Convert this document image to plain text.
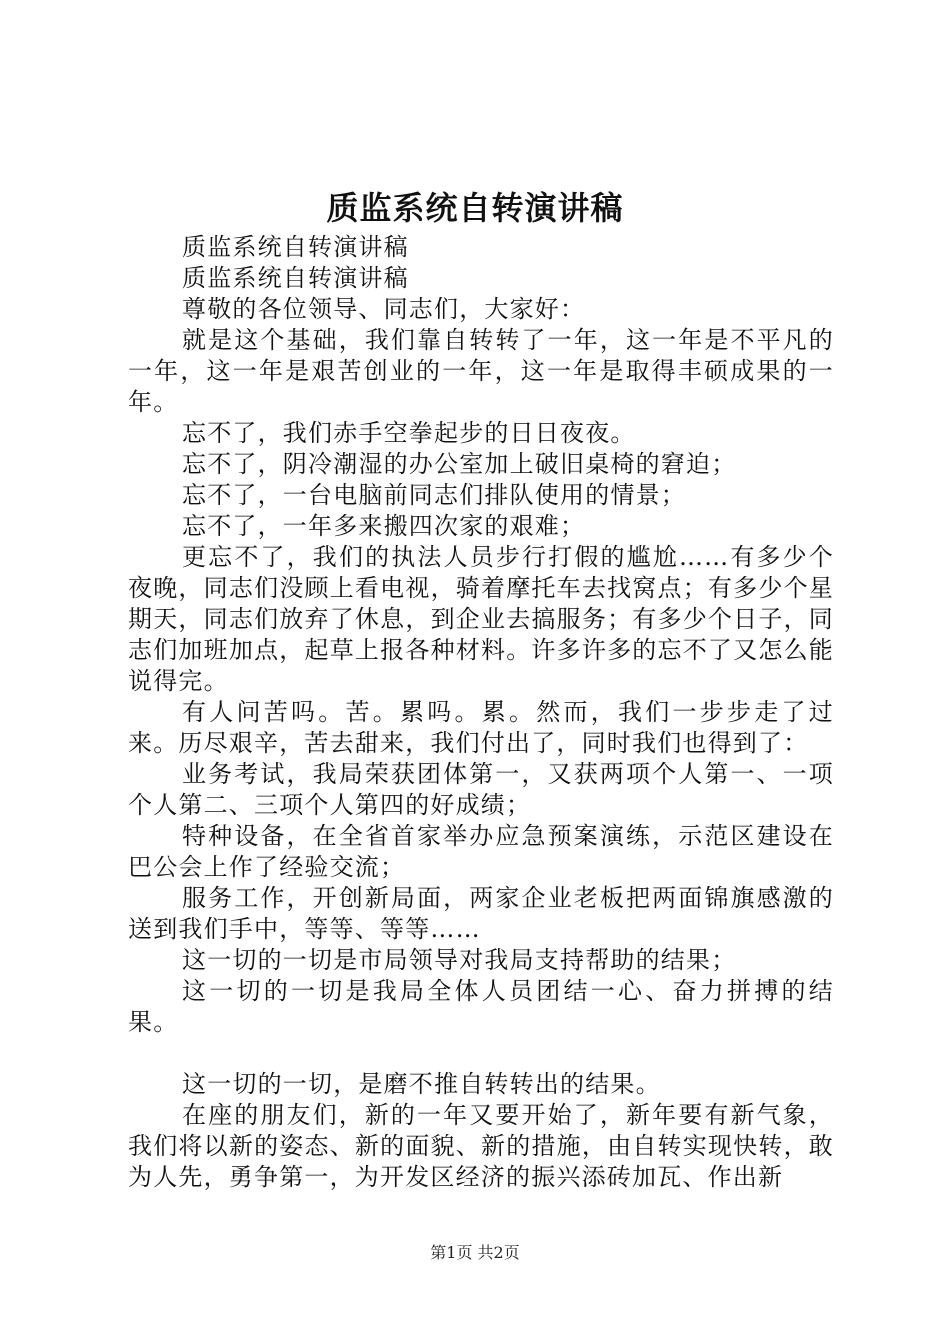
质监系统自转演讲稿

质监系统自转演讲稿

质监系统自转演讲稿

尊敬的各位领导、同志们，大家好：

就是这个基础，我们靠自转转了一年，这一年是不平凡的一年，这一年是艰苦创业的一年，这一年是取得丰硕成果的一年。

忘不了，我们赤手空拳起步的日日夜夜。

忘不了，阴冷潮湿的办公室加上破旧桌椅的窘迫；

忘不了，一台电脑前同志们排队使用的情景；

忘不了，一年多来搬四次家的艰难；

更忘不了，我们的执法人员步行打假的尴尬……有多少个夜晚，同志们没顾上看电视，骑着摩托车去找窝点；有多少个星期天，同志们放弃了休息，到企业去搞服务；有多少个日子，同志们加班加点，起草上报各种材料。许多许多的忘不了又怎么能说得完。

有人问苦吗。苦。累吗。累。然而，我们一步步走了过来。历尽艰辛，苦去甜来，我们付出了，同时我们也得到了：

业务考试，我局荣获团体第一，又获两项个人第一、一项个人第二、三项个人第四的好成绩；

特种设备，在全省首家举办应急预案演练，示范区建设在巴公会上作了经验交流；

服务工作，开创新局面，两家企业老板把两面锦旗感激的送到我们手中，等等、等等……

这一切的一切是市局领导对我局支持帮助的结果；

这一切的一切是我局全体人员团结一心、奋力拼搏的结果。

这一切的一切，是磨不推自转转出的结果。

在座的朋友们，新的一年又要开始了，新年要有新气象，我们将以新的姿态、新的面貌、新的措施，由自转实现快转，敢为人先，勇争第一，为开发区经济的振兴添砖加瓦、作出新

第1页 共2页
